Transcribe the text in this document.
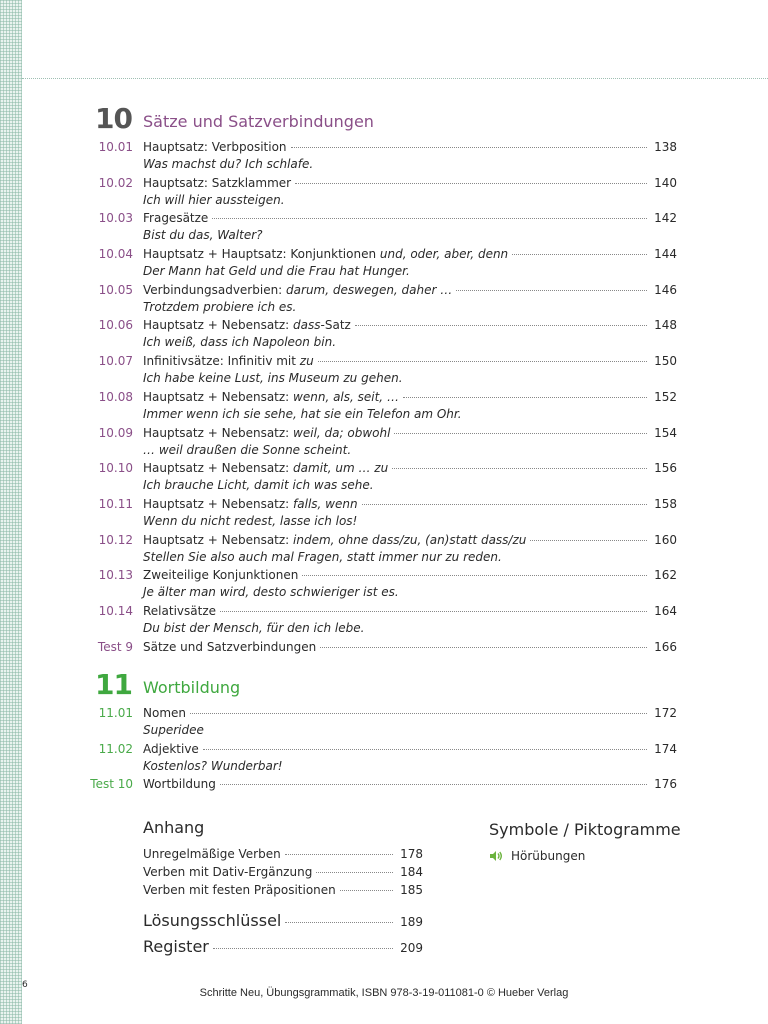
10 Sätze und Satzverbindungen
10.01 Hauptsatz: Verbposition	138
Was machst du? Ich schlafe.
10.02 Hauptsatz: Satzklammer	140
Ich will hier aussteigen.
10.03 Fragesätze	142
Bist du das, Walter?
10.04 Hauptsatz + Hauptsatz: Konjunktionen und, oder, aber, denn	144
Der Mann hat Geld und die Frau hat Hunger.
10.05 Verbindungsadverbien: darum, deswegen, daher …	146
Trotzdem probiere ich es.
10.06 Hauptsatz + Nebensatz: dass-Satz	148
Ich weiß, dass ich Napoleon bin.
10.07 Infinitivsätze: Infinitiv mit zu	150
Ich habe keine Lust, ins Museum zu gehen.
10.08 Hauptsatz + Nebensatz: wenn, als, seit, …	152
Immer wenn ich sie sehe, hat sie ein Telefon am Ohr.
10.09 Hauptsatz + Nebensatz: weil, da; obwohl	154
… weil draußen die Sonne scheint.
10.10 Hauptsatz + Nebensatz: damit, um … zu	156
Ich brauche Licht, damit ich was sehe.
10.11 Hauptsatz + Nebensatz: falls, wenn	158
Wenn du nicht redest, lasse ich los!
10.12 Hauptsatz + Nebensatz: indem, ohne dass/zu, (an)statt dass/zu	160
Stellen Sie also auch mal Fragen, statt immer nur zu reden.
10.13 Zweiteilige Konjunktionen	162
Je älter man wird, desto schwieriger ist es.
10.14 Relativsätze	164
Du bist der Mensch, für den ich lebe.
Test 9 Sätze und Satzverbindungen	166
11 Wortbildung
11.01 Nomen	172
Superidee
11.02 Adjektive	174
Kostenlos? Wunderbar!
Test 10 Wortbildung	176
Anhang
Unregelmäßige Verben	178
Verben mit Dativ-Ergänzung	184
Verben mit festen Präpositionen	185
Lösungsschlüssel	189
Register	209
Symbole / Piktogramme
Hörübungen
6
Schritte Neu, Übungsgrammatik, ISBN 978-3-19-011081-0 © Hueber Verlag
